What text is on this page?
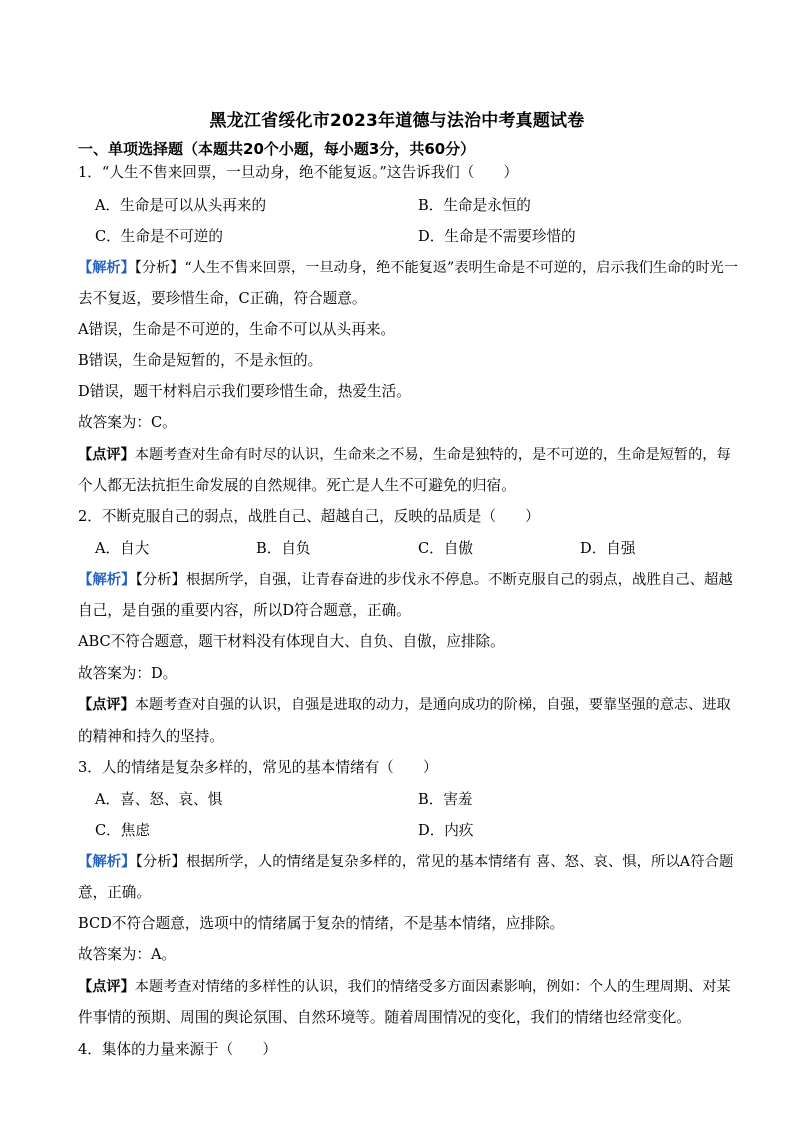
黑龙江省绥化市2023年道德与法治中考真题试卷
一、单项选择题（本题共20个小题，每小题3分，共60分）
1．“人生不售来回票，一旦动身，绝不能复返。”这告诉我们（　　）
A．生命是可以从头再来的	B．生命是永恒的
C．生命是不可逆的	D．生命是不需要珍惜的
【解析】【分析】“人生不售来回票，一旦动身，绝不能复返”表明生命是不可逆的，启示我们生命的时光一
去不复返，要珍惜生命，C正确，符合题意。
A错误，生命是不可逆的，生命不可以从头再来。
B错误，生命是短暂的，不是永恒的。
D错误，题干材料启示我们要珍惜生命，热爱生活。
故答案为：C。
【点评】本题考查对生命有时尽的认识，生命来之不易，生命是独特的，是不可逆的，生命是短暂的，每
个人都无法抗拒生命发展的自然规律。死亡是人生不可避免的归宿。
2．不断克服自己的弱点，战胜自己、超越自己，反映的品质是（　　）
A．自大	B．自负	C．自傲	D．自强
【解析】【分析】根据所学，自强，让青春奋进的步伐永不停息。不断克服自己的弱点，战胜自己、超越
自己，是自强的重要内容，所以D符合题意，正确。
ABC不符合题意，题干材料没有体现自大、自负、自傲，应排除。
故答案为：D。
【点评】本题考查对自强的认识，自强是进取的动力，是通向成功的阶梯，自强，要靠坚强的意志、进取
的精神和持久的坚持。
3．人的情绪是复杂多样的，常见的基本情绪有（　　）
A．喜、怒、哀、惧	B．害羞
C．焦虑	D．内疚
【解析】【分析】根据所学，人的情绪是复杂多样的，常见的基本情绪有 喜、怒、哀、惧，所以A符合题
意，正确。
BCD不符合题意，选项中的情绪属于复杂的情绪，不是基本情绪，应排除。
故答案为：A。
【点评】本题考查对情绪的多样性的认识，我们的情绪受多方面因素影响，例如：个人的生理周期、对某
件事情的预期、周围的舆论氛围、自然环境等。随着周围情况的变化，我们的情绪也经常变化。
4．集体的力量来源于（　　）
